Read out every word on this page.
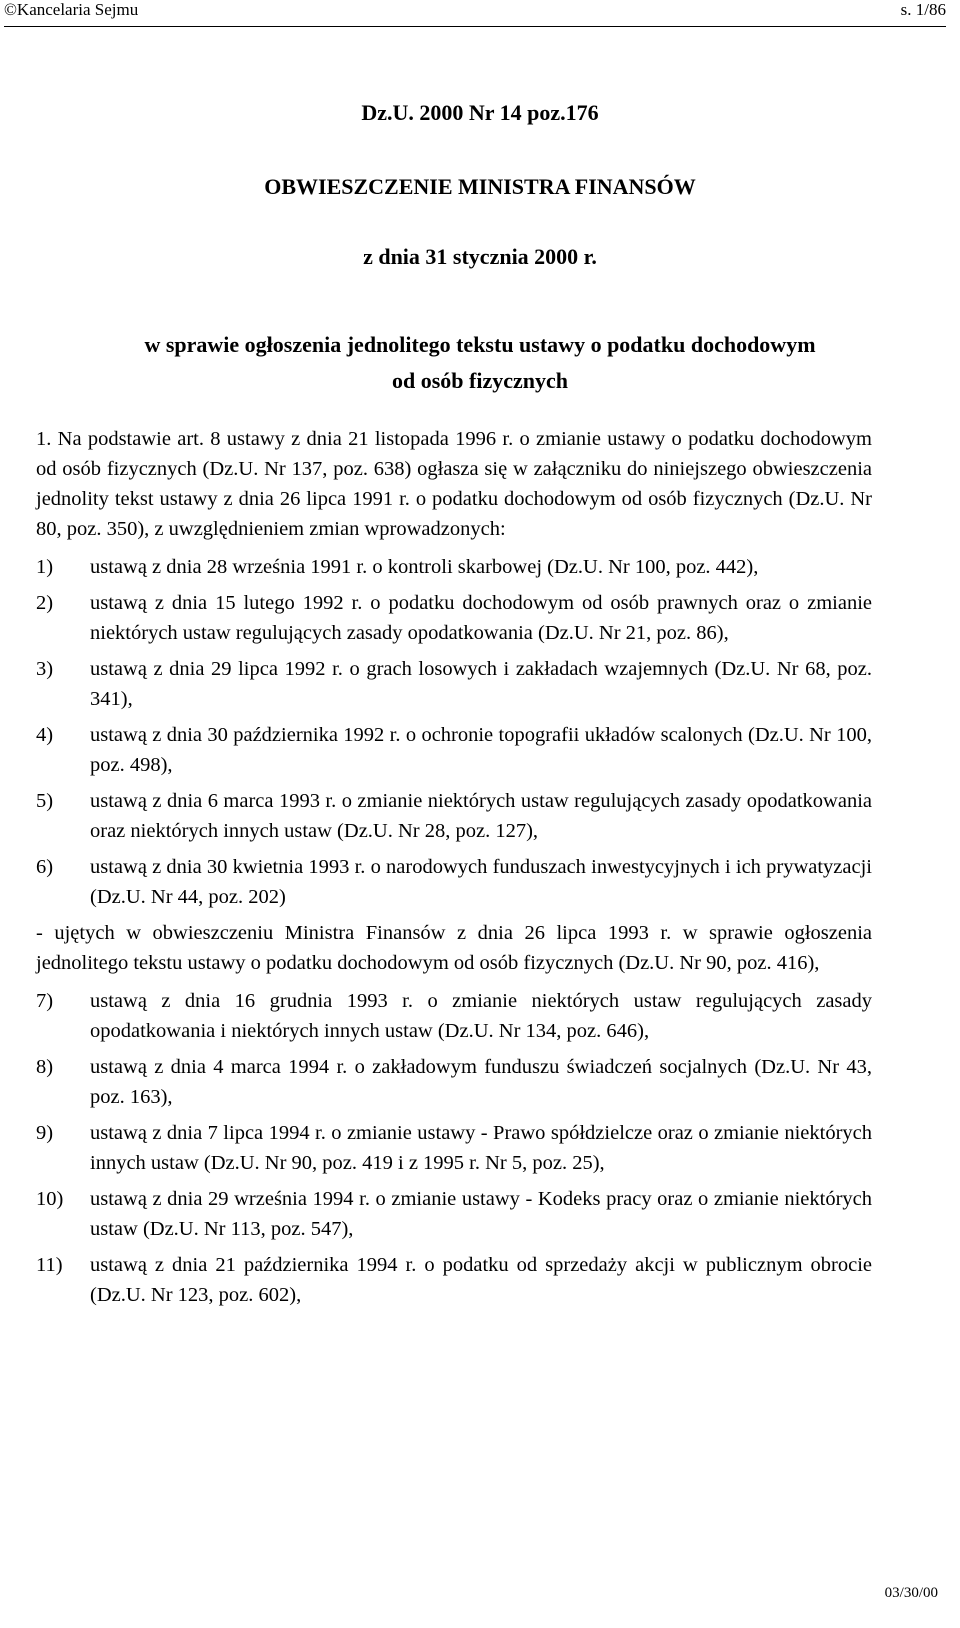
©Kancelaria Sejmu	s. 1/86
Dz.U. 2000 Nr 14 poz.176
OBWIESZCZENIE MINISTRA FINANSÓW
z dnia 31 stycznia 2000 r.
w sprawie ogłoszenia jednolitego tekstu ustawy o podatku dochodowym
od osób fizycznych

1. Na podstawie art. 8 ustawy z dnia 21 listopada 1996 r. o zmianie ustawy o podatku dochodowym od osób fizycznych (Dz.U. Nr 137, poz. 638) ogłasza się w załączniku do niniejszego obwieszczenia jednolity tekst ustawy z dnia 26 lipca 1991 r. o podatku dochodowym od osób fizycznych (Dz.U. Nr 80, poz. 350), z uwzględnieniem zmian wprowadzonych:

1)	ustawą z dnia 28 września 1991 r. o kontroli skarbowej (Dz.U. Nr 100, poz. 442),
2)	ustawą z dnia 15 lutego 1992 r. o podatku dochodowym od osób prawnych oraz o zmianie niektórych ustaw regulujących zasady opodatkowania (Dz.U. Nr 21, poz. 86),
3)	ustawą z dnia 29 lipca 1992 r. o grach losowych i zakładach wzajemnych (Dz.U. Nr 68, poz. 341),
4)	ustawą z dnia 30 października 1992 r. o ochronie topografii układów scalonych (Dz.U. Nr 100, poz. 498),
5)	ustawą z dnia 6 marca 1993 r. o zmianie niektórych ustaw regulujących zasady opodatkowania oraz niektórych innych ustaw (Dz.U. Nr 28, poz. 127),
6)	ustawą z dnia 30 kwietnia 1993 r. o narodowych funduszach inwestycyjnych i ich prywatyzacji (Dz.U. Nr 44, poz. 202)

- ujętych w obwieszczeniu Ministra Finansów z dnia 26 lipca 1993 r. w sprawie ogłoszenia jednolitego tekstu ustawy o podatku dochodowym od osób fizycznych (Dz.U. Nr 90, poz. 416),

7)	ustawą z dnia 16 grudnia 1993 r. o zmianie niektórych ustaw regulujących zasady opodatkowania i niektórych innych ustaw (Dz.U. Nr 134, poz. 646),
8)	ustawą z dnia 4 marca 1994 r. o zakładowym funduszu świadczeń socjalnych (Dz.U. Nr 43, poz. 163),
9)	ustawą z dnia 7 lipca 1994 r. o zmianie ustawy - Prawo spółdzielcze oraz o zmianie niektórych innych ustaw (Dz.U. Nr 90, poz. 419 i z 1995 r. Nr 5, poz. 25),
10)	ustawą z dnia 29 września 1994 r. o zmianie ustawy - Kodeks pracy oraz o zmianie niektórych ustaw (Dz.U. Nr 113, poz. 547),
11)	ustawą z dnia 21 października 1994 r. o podatku od sprzedaży akcji w publicznym obrocie (Dz.U. Nr 123, poz. 602),
03/30/00
